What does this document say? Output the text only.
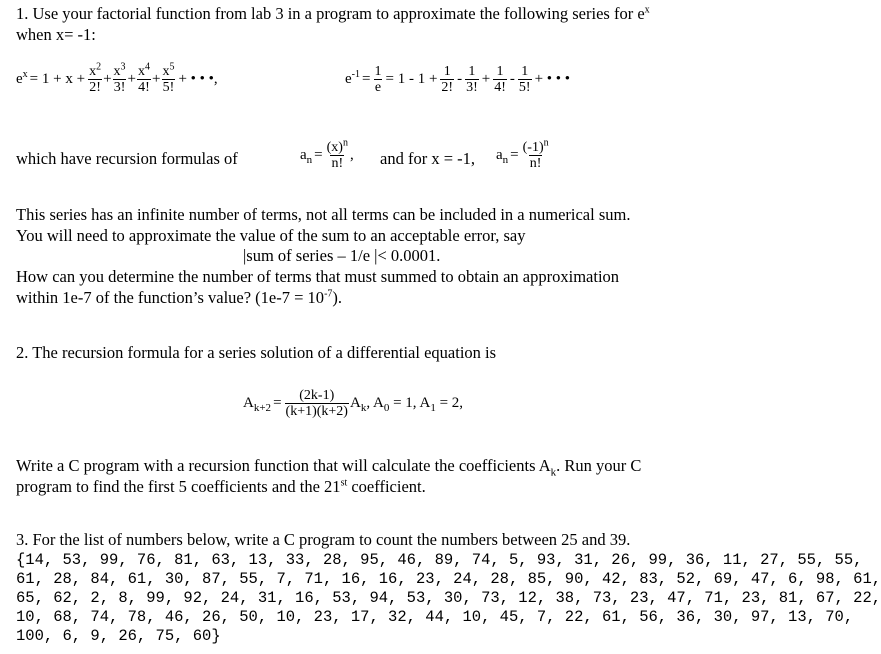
1. Use your factorial function from lab 3 in a program to approximate the following series for $e^x$
when x= -1:
$e^x = 1 + x + \frac{x^2}{2!} + \frac{x^3}{3!} + \frac{x^4}{4!} + \frac{x^5}{5!}$ + • • •,	$e^{-1} = \frac{1}{e} = 1 - 1 + \frac{1}{2!} - \frac{1}{3!} + \frac{1}{4!} - \frac{1}{5!}$ + • • •
which have recursion formulas of	$a_n = \frac{(x)^n}{n!}$ , and for x = -1, $a_n = \frac{(-1)^n}{n!}$
This series has an infinite number of terms, not all terms can be included in a numerical sum.
You will need to approximate the value of the sum to an acceptable error, say
|sum of series – 1/e |< 0.0001.
How can you determine the number of terms that must summed to obtain an approximation
within 1e-7 of the function’s value? $(1e-7 = 10^{-7})$.
2. The recursion formula for a series solution of a differential equation is
$A_{k+2} = \frac{(2k-1)}{(k+1)(k+2)} A_k$, $A_0 = 1$, $A_1 = 2$,
Write a C program with a recursion function that will calculate the coefficients $A_k$. Run your C
program to find the first 5 coefficients and the 21st coefficient.
3. For the list of numbers below, write a C program to count the numbers between 25 and 39.
{14, 53, 99, 76, 81, 63, 13, 33, 28, 95, 46, 89, 74, 5, 93, 31, 26, 99, 36, 11, 27, 55, 55,
61, 28, 84, 61, 30, 87, 55, 7, 71, 16, 16, 23, 24, 28, 85, 90, 42, 83, 52, 69, 47, 6, 98, 61,
65, 62, 2, 8, 99, 92, 24, 31, 16, 53, 94, 53, 30, 73, 12, 38, 73, 23, 47, 71, 23, 81, 67, 22,
10, 68, 74, 78, 46, 26, 50, 10, 23, 17, 32, 44, 10, 45, 7, 22, 61, 56, 36, 30, 97, 13, 70,
100, 6, 9, 26, 75, 60}
